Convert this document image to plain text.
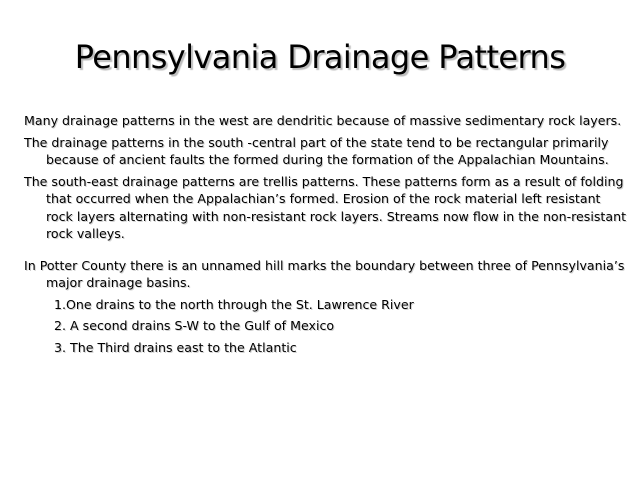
Pennsylvania Drainage Patterns

Many drainage patterns in the west are dendritic because of massive sedimentary rock layers.

The drainage patterns in the south -central part of the state tend to be rectangular primarily because of ancient faults the formed during the formation of the Appalachian Mountains.

The south-east drainage patterns are trellis patterns. These patterns form as a result of folding that occurred when the Appalachian’s formed. Erosion of the rock material left resistant rock layers alternating with non-resistant rock layers. Streams now flow in the non-resistant rock valleys.

In Potter County there is an unnamed hill marks the boundary between three of Pennsylvania’s major drainage basins.

1.One drains to the north through the St. Lawrence River
2. A second drains S-W to the Gulf of Mexico
3. The Third drains east to the Atlantic
